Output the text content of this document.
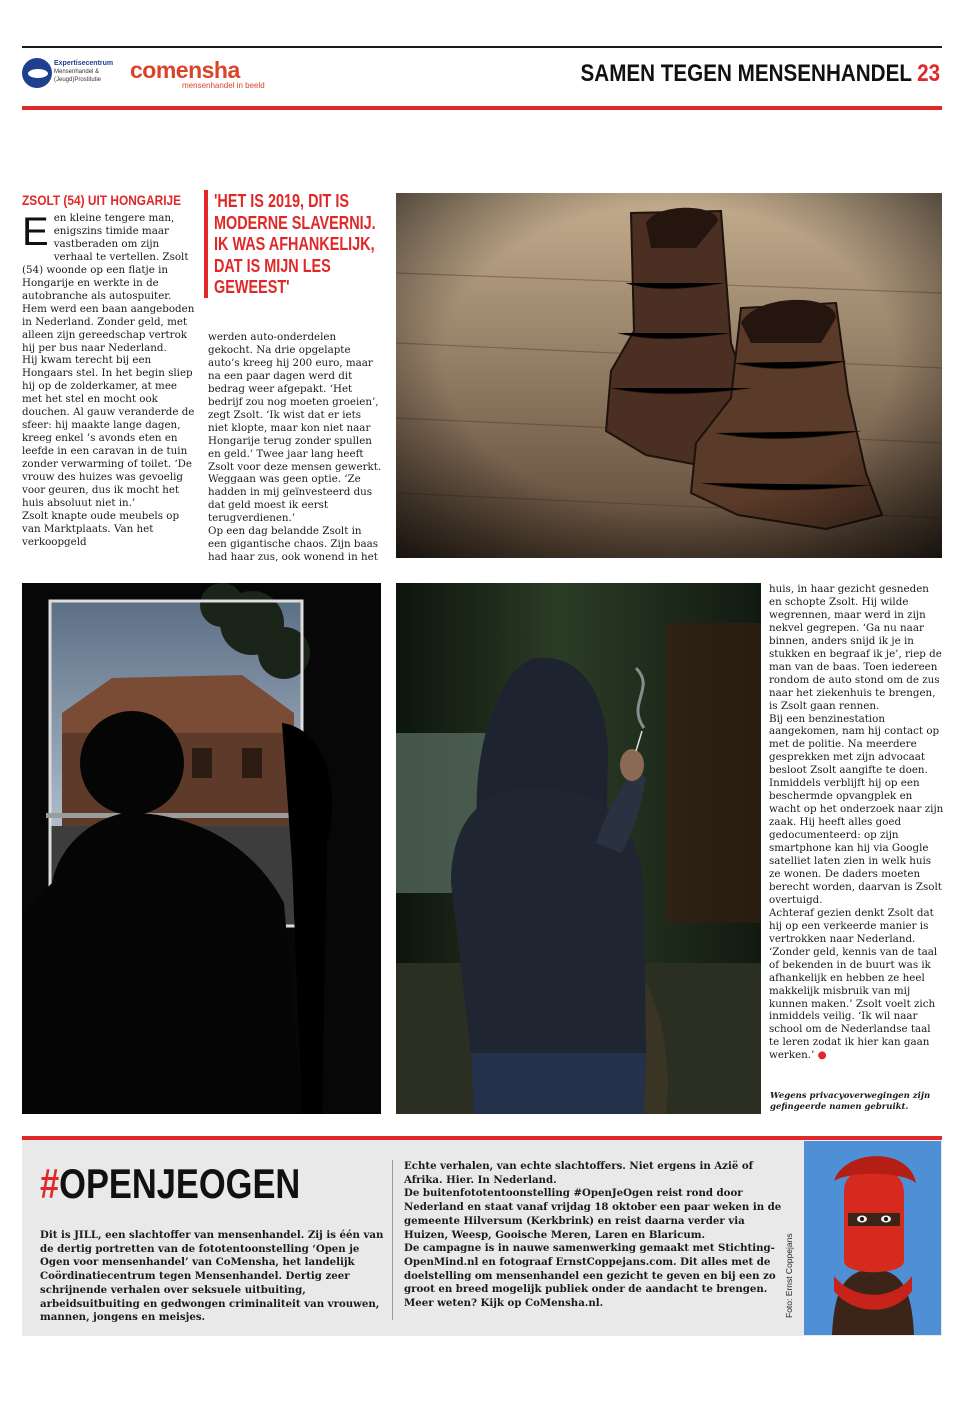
Expertisecentrum
Mensenhandel &
(Jeugd)Prostitutie comensha
mensenhandel in beeld	SAMEN TEGEN MENSENHANDEL 23
ZSOLT (54) UIT HONGARIJE

Een kleine tengere man, enigszins timide maar vastberaden om zijn verhaal te vertellen. Zsolt (54) woonde op een flatje in Hongarije en werkte in de autobranche als autospuiter. Hem werd een baan aangeboden in Nederland. Zonder geld, met alleen zijn gereedschap vertrok hij per bus naar Nederland.

Hij kwam terecht bij een Hongaars stel. In het begin sliep hij op de zolderkamer, at mee met het stel en mocht ook douchen. Al gauw veranderde de sfeer: hij maakte lange dagen, kreeg enkel ’s avonds eten en leefde in een caravan in de tuin zonder verwarming of toilet. ‘De vrouw des huizes was gevoelig voor geuren, dus ik mocht het huis absoluut niet in.’

Zsolt knapte oude meubels op van Marktplaats. Van het verkoopgeld

'HET IS 2019, DIT IS
MODERNE SLAVERNIJ.
IK WAS AFHANKELIJK,
DAT IS MIJN LES
GEWEEST'

werden auto-onderdelen gekocht. Na drie opgelapte auto’s kreeg hij 200 euro, maar na een paar dagen werd dit bedrag weer afgepakt. ‘Het bedrijf zou nog moeten groeien’, zegt Zsolt. ‘Ik wist dat er iets niet klopte, maar kon niet naar Hongarije terug zonder spullen en geld.’ Twee jaar lang heeft Zsolt voor deze mensen gewerkt. Weggaan was geen optie. ‘Ze hadden in mij geïnvesteerd dus dat geld moest ik eerst terugverdienen.’

Op een dag belandde Zsolt in een gigantische chaos. Zijn baas had haar zus, ook wonend in het

huis, in haar gezicht gesneden en schopte Zsolt. Hij wilde wegrennen, maar werd in zijn nekvel gegrepen. ‘Ga nu naar binnen, anders snijd ik je in stukken en begraaf ik je’, riep de man van de baas. Toen iedereen rondom de auto stond om de zus naar het ziekenhuis te brengen, is Zsolt gaan rennen.

Bij een benzinestation aangekomen, nam hij contact op met de politie. Na meerdere gesprekken met zijn advocaat besloot Zsolt aangifte te doen. Inmiddels verblijft hij op een beschermde opvangplek en wacht op het onderzoek naar zijn zaak. Hij heeft alles goed gedocumenteerd: op zijn smartphone kan hij via Google satelliet laten zien in welk huis ze wonen. De daders moeten berecht worden, daarvan is Zsolt overtuigd.

Achteraf gezien denkt Zsolt dat hij op een verkeerde manier is vertrokken naar Nederland. ‘Zonder geld, kennis van de taal of bekenden in de buurt was ik afhankelijk en hebben ze heel makkelijk misbruik van mij kunnen maken.’ Zsolt voelt zich inmiddels veilig. ‘Ik wil naar school om de Nederlandse taal te leren zodat ik hier kan gaan werken.’ ●

Wegens privacyoverwegingen zijn gefingeerde namen gebruikt.
#OPENJEOGEN
Dit is JILL, een slachtoffer van mensenhandel. Zij is één van de dertig portretten van de fototentoonstelling ‘Open je Ogen voor mensenhandel’ van CoMensha, het landelijk Coördinatiecentrum tegen Mensenhandel. Dertig zeer schrijnende verhalen over seksuele uitbuiting, arbeidsuitbuiting en gedwongen criminaliteit van vrouwen, mannen, jongens en meisjes.

Echte verhalen, van echte slachtoffers. Niet ergens in Azië of Afrika. Hier. In Nederland.

De buitenfototentoonstelling #OpenJeOgen reist rond door Nederland en staat vanaf vrijdag 18 oktober een paar weken in de gemeente Hilversum (Kerkbrink) en reist daarna verder via Huizen, Weesp, Gooische Meren, Laren en Blaricum.

De campagne is in nauwe samenwerking gemaakt met Stichting-OpenMind.nl en fotograaf ErnstCoppejans.com. Dit alles met de doelstelling om mensenhandel een gezicht te geven en bij een zo groot en breed mogelijk publiek onder de aandacht te brengen. Meer weten? Kijk op CoMensha.nl.	Foto: Ernst Coppejans
